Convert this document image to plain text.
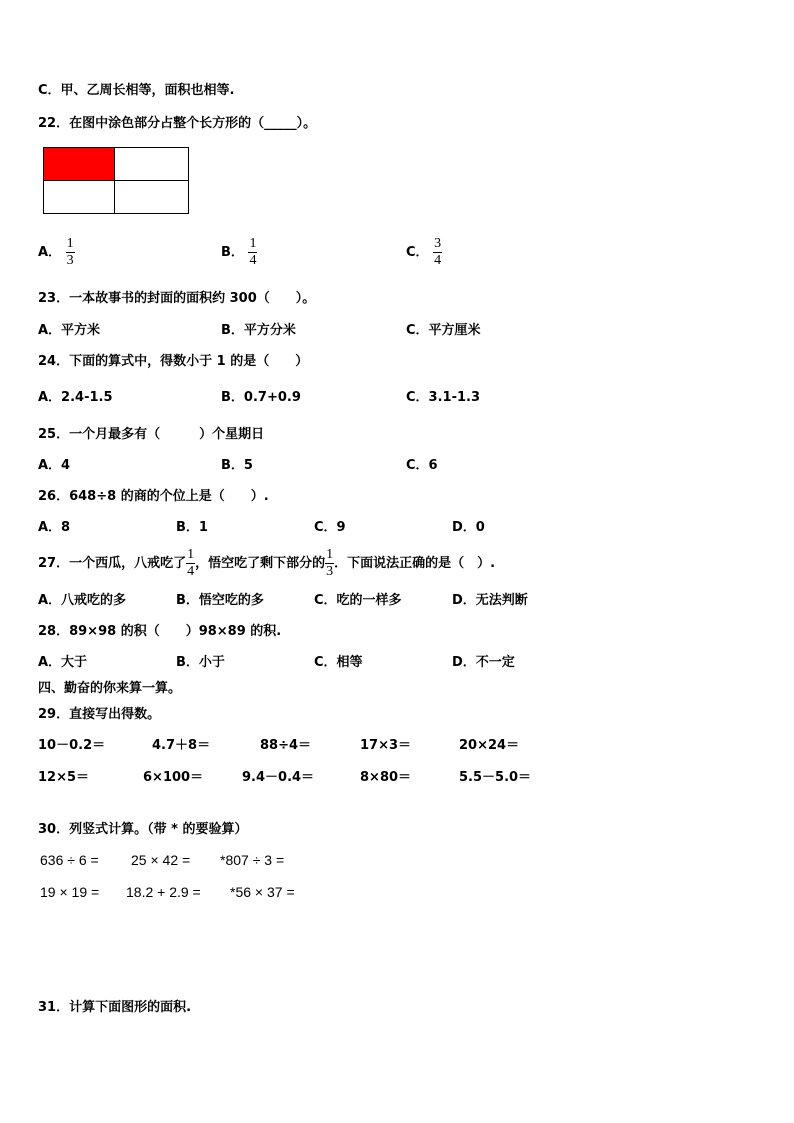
C．甲、乙周长相等，面积也相等.
22．在图中涂色部分占整个长方形的（_____）。
A． $\frac{1}{3}$	B． $\frac{1}{4}$	C． $\frac{3}{4}$
23．一本故事书的封面的面积约 300（　　）。
A．平方米	B．平方分米	C．平方厘米
24．下面的算式中，得数小于 1 的是（　　）
A．2.4-1.5	B．0.7+0.9	C．3.1-1.3
25．一个月最多有（　　　）个星期日
A．4	B．5	C．6
26．648÷8 的商的个位上是（　　）.
A．8	B．1	C．9	D．0
27．一个西瓜，八戒吃了 $\frac{1}{4}$ ，悟空吃了剩下部分的 $\frac{1}{3}$ ．下面说法正确的是（　）.
A．八戒吃的多	B．悟空吃的多	C．吃的一样多	D．无法判断
28．89×98 的积（　　）98×89 的积.
A．大于	B．小于	C．相等	D．不一定
四、勤奋的你来算一算。
29．直接写出得数。
10－0.2＝	4.7＋8＝	88÷4＝	17×3＝	20×24＝
12×5＝	6×100＝	9.4－0.4＝	8×80＝	5.5－5.0＝
30．列竖式计算。（带 * 的要验算）
636 ÷ 6 = 25 × 42 = *807 ÷ 3 =
19 × 19 = 18.2 + 2.9 = *56 × 37 =
31．计算下面图形的面积.
